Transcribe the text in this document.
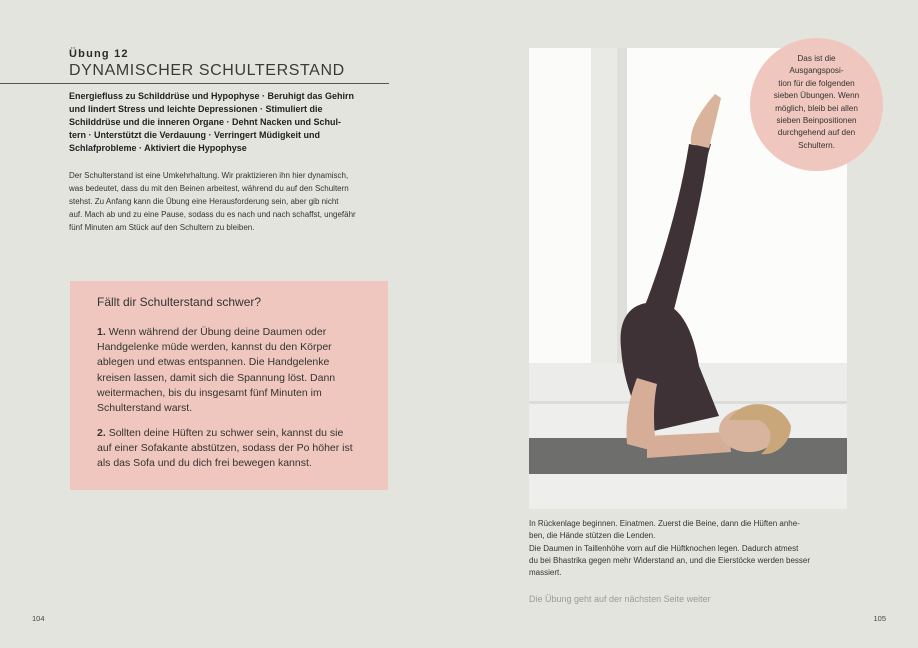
Übung 12
DYNAMISCHER SCHULTERSTAND

Energiefluss zu Schilddrüse und Hypophyse · Beruhigt das Gehirn
und lindert Stress und leichte Depressionen · Stimuliert die
Schilddrüse und die inneren Organe · Dehnt Nacken und Schul-
tern · Unterstützt die Verdauung · Verringert Müdigkeit und
Schlafprobleme · Aktiviert die Hypophyse

Der Schulterstand ist eine Umkehrhaltung. Wir praktizieren ihn hier dynamisch,
was bedeutet, dass du mit den Beinen arbeitest, während du auf den Schultern
stehst. Zu Anfang kann die Übung eine Herausforderung sein, aber gib nicht
auf. Mach ab und zu eine Pause, sodass du es nach und nach schaffst, ungefähr
fünf Minuten am Stück auf den Schultern zu bleiben.

Fällt dir Schulterstand schwer?

1. Wenn während der Übung deine Daumen oder
Handgelenke müde werden, kannst du den Körper
ablegen und etwas entspannen. Die Handgelenke
kreisen lassen, damit sich die Spannung löst. Dann
weitermachen, bis du insgesamt fünf Minuten im
Schulterstand warst.

2. Sollten deine Hüften zu schwer sein, kannst du sie
auf einer Sofakante abstützen, sodass der Po höher ist
als das Sofa und du dich frei bewegen kannst.

104

Das ist die
Ausgangsposi-
tion für die folgenden
sieben Übungen. Wenn
möglich, bleib bei allen
sieben Beinpositionen
durchgehend auf den
Schultern.

In Rückenlage beginnen. Einatmen. Zuerst die Beine, dann die Hüften anhe-
ben, die Hände stützen die Lenden.
Die Daumen in Taillenhöhe vorn auf die Hüftknochen legen. Dadurch atmest
du bei Bhastrika gegen mehr Widerstand an, und die Eierstöcke werden besser
massiert.

Die Übung geht auf der nächsten Seite weiter
105
